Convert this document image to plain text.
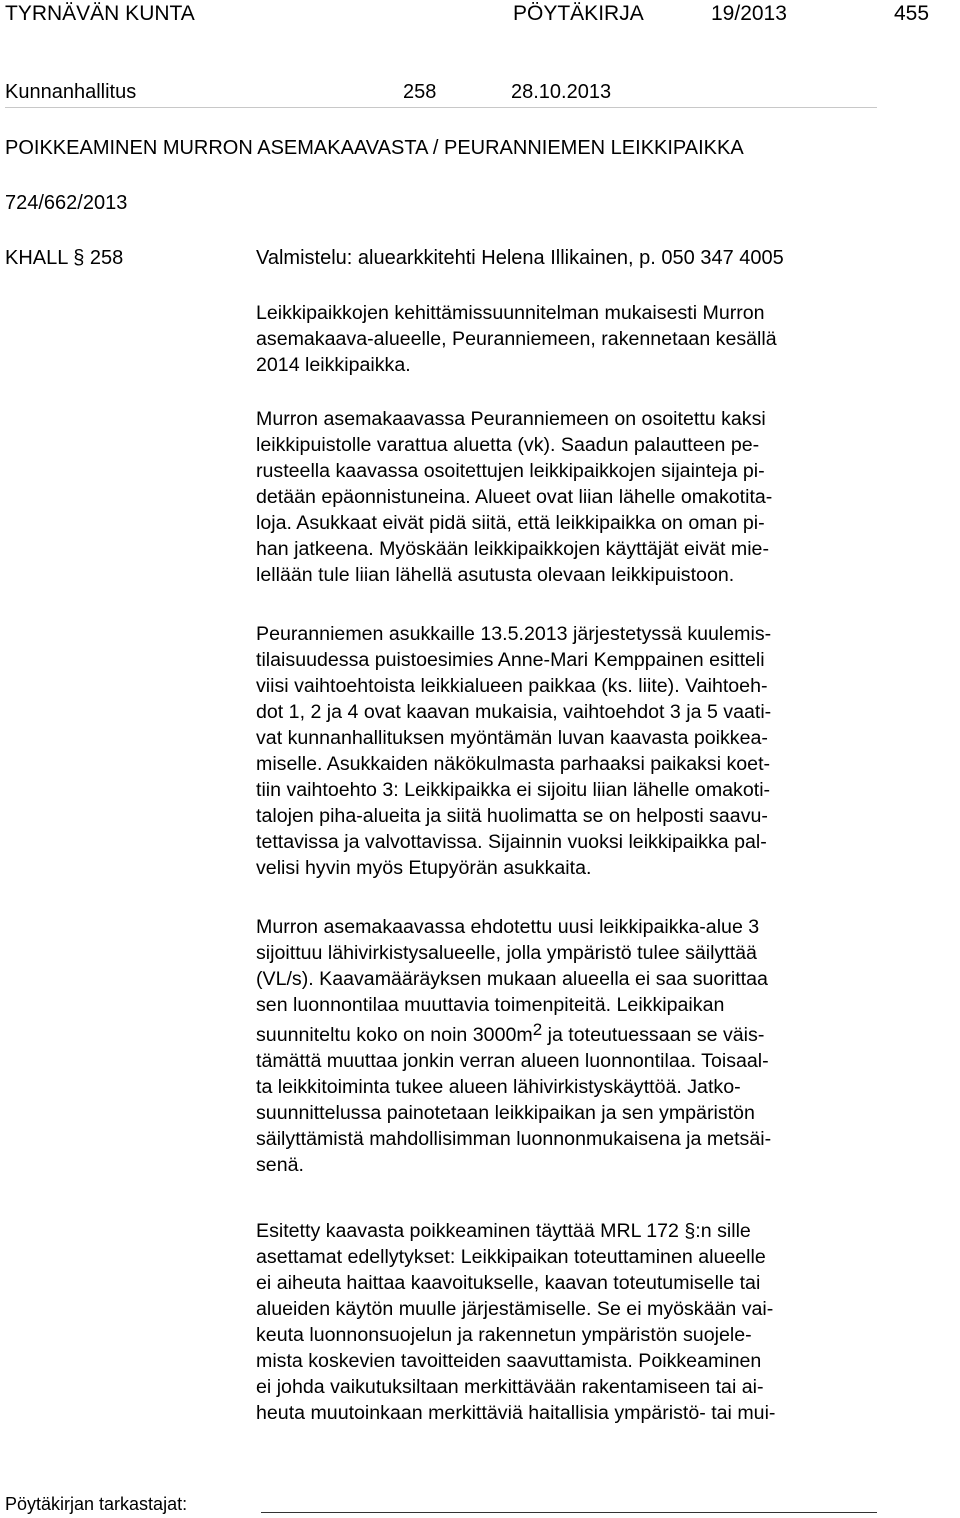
TYRNÄVÄN KUNTA	PÖYTÄKIRJA	19/2013	455
Kunnanhallitus	258	28.10.2013
POIKKEAMINEN MURRON ASEMAKAAVASTA / PEURANNIEMEN LEIKKIPAIKKA
724/662/2013
KHALL § 258	Valmistelu: aluearkkitehti Helena Illikainen, p. 050 347 4005
Leikkipaikkojen kehittämissuunnitelman mukaisesti Murron
asemakaava-alueelle, Peuranniemeen, rakennetaan kesällä
2014 leikkipaikka.
Murron asemakaavassa Peuranniemeen on osoitettu kaksi
leikkipuistolle varattua aluetta (vk). Saadun palautteen pe-
rusteella kaavassa osoitettujen leikkipaikkojen sijainteja pi-
detään epäonnistuneina. Alueet ovat liian lähelle omakotita-
loja. Asukkaat eivät pidä siitä, että leikkipaikka on oman pi-
han jatkeena. Myöskään leikkipaikkojen käyttäjät eivät mie-
lellään tule liian lähellä asutusta olevaan leikkipuistoon.
Peuranniemen asukkaille 13.5.2013 järjestetyssä kuulemis-
tilaisuudessa puistoesimies Anne-Mari Kemppainen esitteli
viisi vaihtoehtoista leikkialueen paikkaa (ks. liite). Vaihtoeh-
dot 1, 2 ja 4 ovat kaavan mukaisia, vaihtoehdot 3 ja 5 vaati-
vat kunnanhallituksen myöntämän luvan kaavasta poikkea-
miselle. Asukkaiden näkökulmasta parhaaksi paikaksi koet-
tiin vaihtoehto 3: Leikkipaikka ei sijoitu liian lähelle omakoti-
talojen piha-alueita ja siitä huolimatta se on helposti saavu-
tettavissa ja valvottavissa. Sijainnin vuoksi leikkipaikka pal-
velisi hyvin myös Etupyörän asukkaita.
Murron asemakaavassa ehdotettu uusi leikkipaikka-alue 3
sijoittuu lähivirkistysalueelle, jolla ympäristö tulee säilyttää
(VL/s). Kaavamääräyksen mukaan alueella ei saa suorittaa
sen luonnontilaa muuttavia toimenpiteitä. Leikkipaikan
suunniteltu koko on noin $3000m^2$ ja toteutuessaan se väis-
tämättä muuttaa jonkin verran alueen luonnontilaa. Toisaal-
ta leikkitoiminta tukee alueen lähivirkistyskäyttöä. Jatko-
suunnittelussa painotetaan leikkipaikan ja sen ympäristön
säilyttämistä mahdollisimman luonnonmukaisena ja metsäi-
senä.
Esitetty kaavasta poikkeaminen täyttää MRL 172 §:n sille
asettamat edellytykset: Leikkipaikan toteuttaminen alueelle
ei aiheuta haittaa kaavoitukselle, kaavan toteutumiselle tai
alueiden käytön muulle järjestämiselle. Se ei myöskään vai-
keuta luonnonsuojelun ja rakennetun ympäristön suojele-
mista koskevien tavoitteiden saavuttamista. Poikkeaminen
ei johda vaikutuksiltaan merkittävään rakentamiseen tai ai-
heuta muutoinkaan merkittäviä haitallisia ympäristö- tai mui-
Pöytäkirjan tarkastajat:
